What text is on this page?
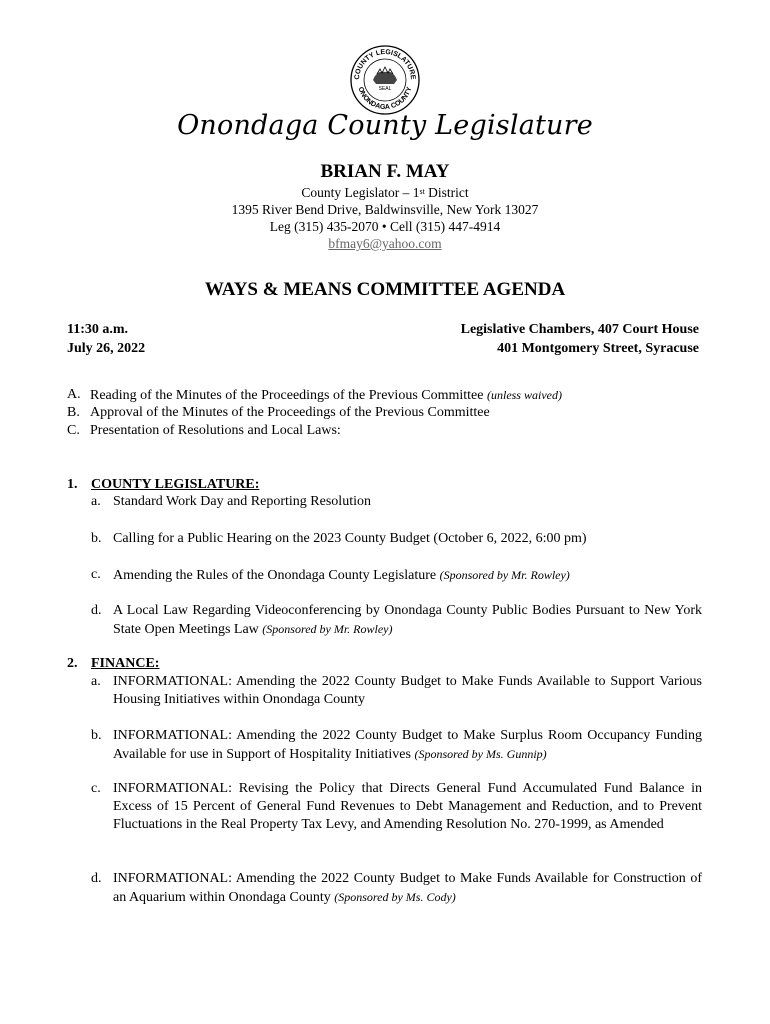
COUNTY LEGISLATURE
ONONDAGA COUNTY
SEAL
Onondaga County Legislature
BRIAN F. MAY
County Legislator – 1st District
1395 River Bend Drive, Baldwinsville, New York 13027
Leg (315) 435-2070 • Cell (315) 447-4914
bfmay6@yahoo.com
WAYS & MEANS COMMITTEE AGENDA
11:30 a.m.
July 26, 2022
Legislative Chambers, 407 Court House
401 Montgomery Street, Syracuse
A. Reading of the Minutes of the Proceedings of the Previous Committee (unless waived)
B. Approval of the Minutes of the Proceedings of the Previous Committee
C. Presentation of Resolutions and Local Laws:
1. COUNTY LEGISLATURE:
a. Standard Work Day and Reporting Resolution
b. Calling for a Public Hearing on the 2023 County Budget (October 6, 2022, 6:00 pm)
c. Amending the Rules of the Onondaga County Legislature (Sponsored by Mr. Rowley)
d. A Local Law Regarding Videoconferencing by Onondaga County Public Bodies Pursuant to New York State Open Meetings Law (Sponsored by Mr. Rowley)
2. FINANCE:
a. INFORMATIONAL: Amending the 2022 County Budget to Make Funds Available to Support Various Housing Initiatives within Onondaga County
b. INFORMATIONAL: Amending the 2022 County Budget to Make Surplus Room Occupancy Funding Available for use in Support of Hospitality Initiatives (Sponsored by Ms. Gunnip)
c. INFORMATIONAL: Revising the Policy that Directs General Fund Accumulated Fund Balance in Excess of 15 Percent of General Fund Revenues to Debt Management and Reduction, and to Prevent Fluctuations in the Real Property Tax Levy, and Amending Resolution No. 270-1999, as Amended
d. INFORMATIONAL: Amending the 2022 County Budget to Make Funds Available for Construction of an Aquarium within Onondaga County (Sponsored by Ms. Cody)
